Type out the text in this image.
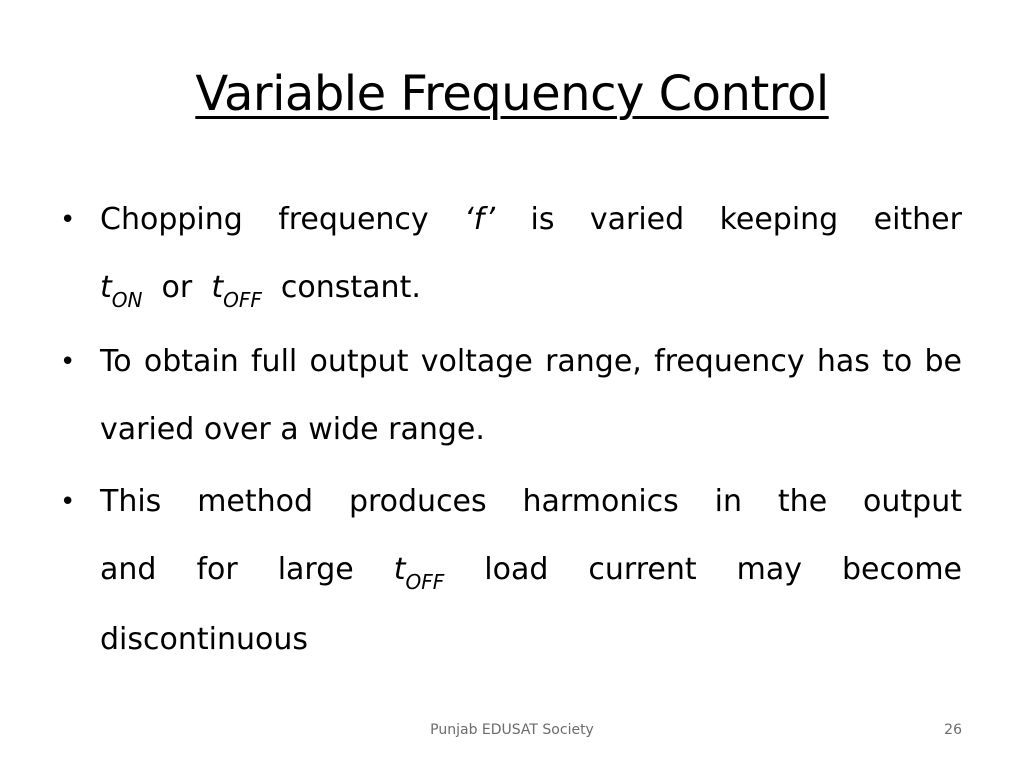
Variable Frequency Control
• Chopping frequency ‘f’ is varied keeping either
$t_{ON}$ or $t_{OFF}$ constant.
• To obtain full output voltage range, frequency has to be varied over a wide range.
• This method produces harmonics in the output
and for large $t_{OFF}$ load current may become
discontinuous
Punjab EDUSAT Society	26
